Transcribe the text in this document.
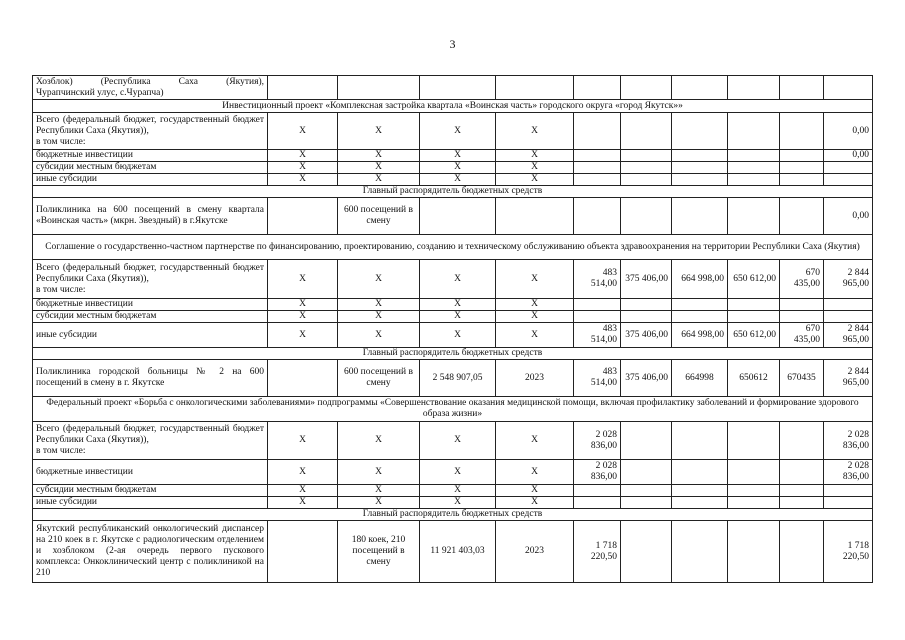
3
Хозблок) (Республика Саха (Якутия),
Чурапчинский улус, с.Чурапча)										
Инвестиционный проект «Комплексная застройка квартала «Воинская часть» городского округа «город Якутск»»										
Всего (федеральный бюджет, государственный бюджет Республики Саха (Якутия)),
в том числе:	X	X	X	X						0,00
бюджетные инвестиции	X	X	X	X						0,00
субсидии местным бюджетам	X	X	X	X						
иные субсидии	X	X	X	X						
Главный распорядитель бюджетных средств										
Поликлиника на 600 посещений в смену квартала «Воинская часть» (мкрн. Звездный) в г.Якутске		600 посещений в смену								0,00
Соглашение о государственно-частном партнерстве по финансированию, проектированию, созданию и техническому обслуживанию объекта здравоохранения на территории Республики Саха (Якутия)										
Всего (федеральный бюджет, государственный бюджет Республики Саха (Якутия)),
в том числе:	X	X	X	X	483 514,00	375 406,00	664 998,00	650 612,00	670 435,00	2 844 965,00
бюджетные инвестиции	X	X	X	X						
субсидии местным бюджетам	X	X	X	X						
иные субсидии	X	X	X	X	483 514,00	375 406,00	664 998,00	650 612,00	670 435,00	2 844 965,00
Главный распорядитель бюджетных средств										
Поликлиника городской больницы № 2 на 600 посещений в смену в г. Якутске		600 посещений в смену	2 548 907,05	2023	483 514,00	375 406,00	664998	650612	670435	2 844 965,00
Федеральный проект «Борьба с онкологическими заболеваниями» подпрограммы «Совершенствование оказания медицинской помощи, включая профилактику заболеваний и формирование здорового образа жизни»										
Всего (федеральный бюджет, государственный бюджет Республики Саха (Якутия)),
в том числе:	X	X	X	X	2 028 836,00					2 028 836,00
бюджетные инвестиции	X	X	X	X	2 028 836,00					2 028 836,00
субсидии местным бюджетам	X	X	X	X						
иные субсидии	X	X	X	X						
Главный распорядитель бюджетных средств										
Якутский республиканский онкологический диспансер на 210 коек в г. Якутске с радиологическим отделением и хозблоком (2-ая очередь первого пускового комплекса: Онкоклинический центр с поликлиникой на 210		180 коек, 210 посещений в смену	11 921 403,03	2023	1 718 220,50					1 718 220,50
